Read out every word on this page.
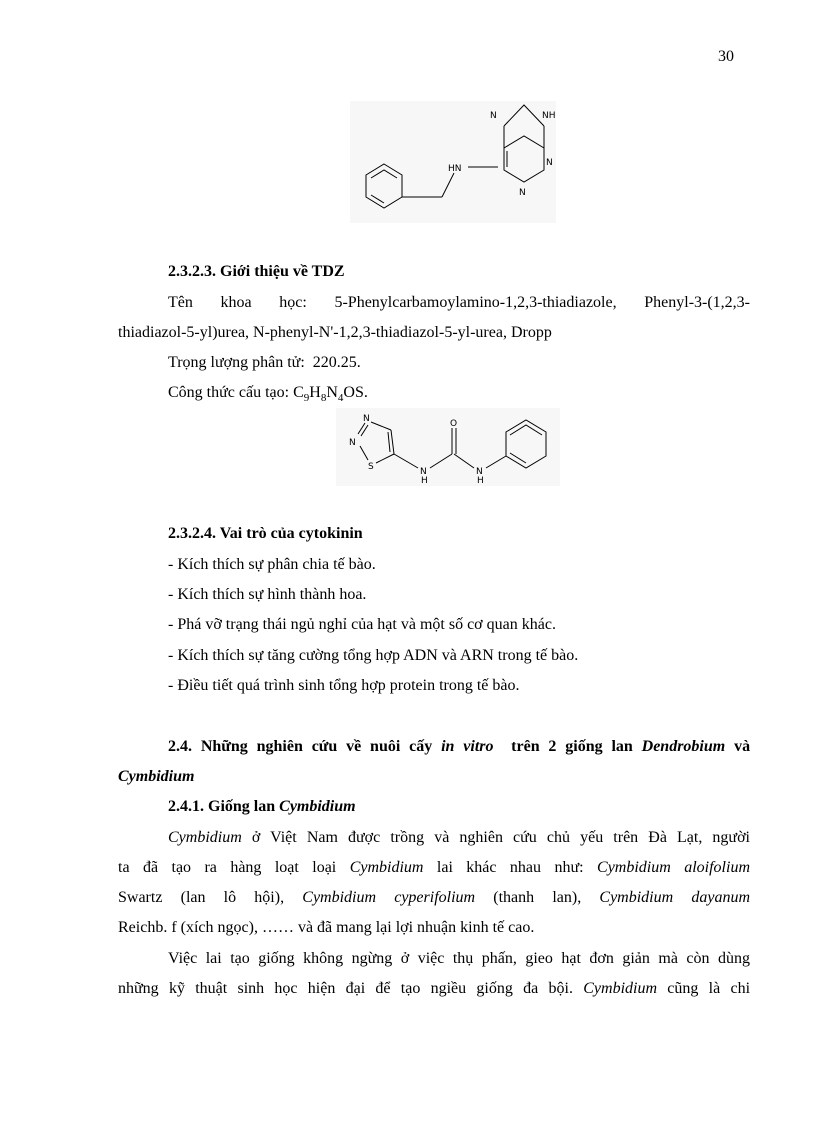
30
N	NH
HN
N
N
2.3.2.3. Giới thiệu về TDZ
Tên khoa học: 5-Phenylcarbamoylamino-1,2,3-thiadiazole, Phenyl-3-(1,2,3-
thiadiazol-5-yl)urea, N-phenyl-N'-1,2,3-thiadiazol-5-yl-urea, Dropp
Trọng lượng phân tử: 220.25.
Công thức cấu tạo: $C_9H_8N_4OS$.
N
N
S
O
N
H
N
H
2.3.2.4. Vai trò của cytokinin
- Kích thích sự phân chia tế bào.
- Kích thích sự hình thành hoa.
- Phá vỡ trạng thái ngủ nghỉ của hạt và một số cơ quan khác.
- Kích thích sự tăng cường tổng hợp ADN và ARN trong tế bào.
- Điều tiết quá trình sinh tổng hợp protein trong tế bào.
2.4. Những nghiên cứu về nuôi cấy in vitro trên 2 giống lan Dendrobium và
Cymbidium
2.4.1. Giống lan Cymbidium
Cymbidium ở Việt Nam được trồng và nghiên cứu chủ yếu trên Đà Lạt, người
ta đã tạo ra hàng loạt loại Cymbidium lai khác nhau như: Cymbidium aloifolium
Swartz (lan lô hội), Cymbidium cyperifolium (thanh lan), Cymbidium dayanum
Reichb. f (xích ngọc), …… và đã mang lại lợi nhuận kinh tế cao.
Việc lai tạo giống không ngừng ở việc thụ phấn, gieo hạt đơn giản mà còn dùng
những kỹ thuật sinh học hiện đại để tạo ngiều giống đa bội. Cymbidium cũng là chi
